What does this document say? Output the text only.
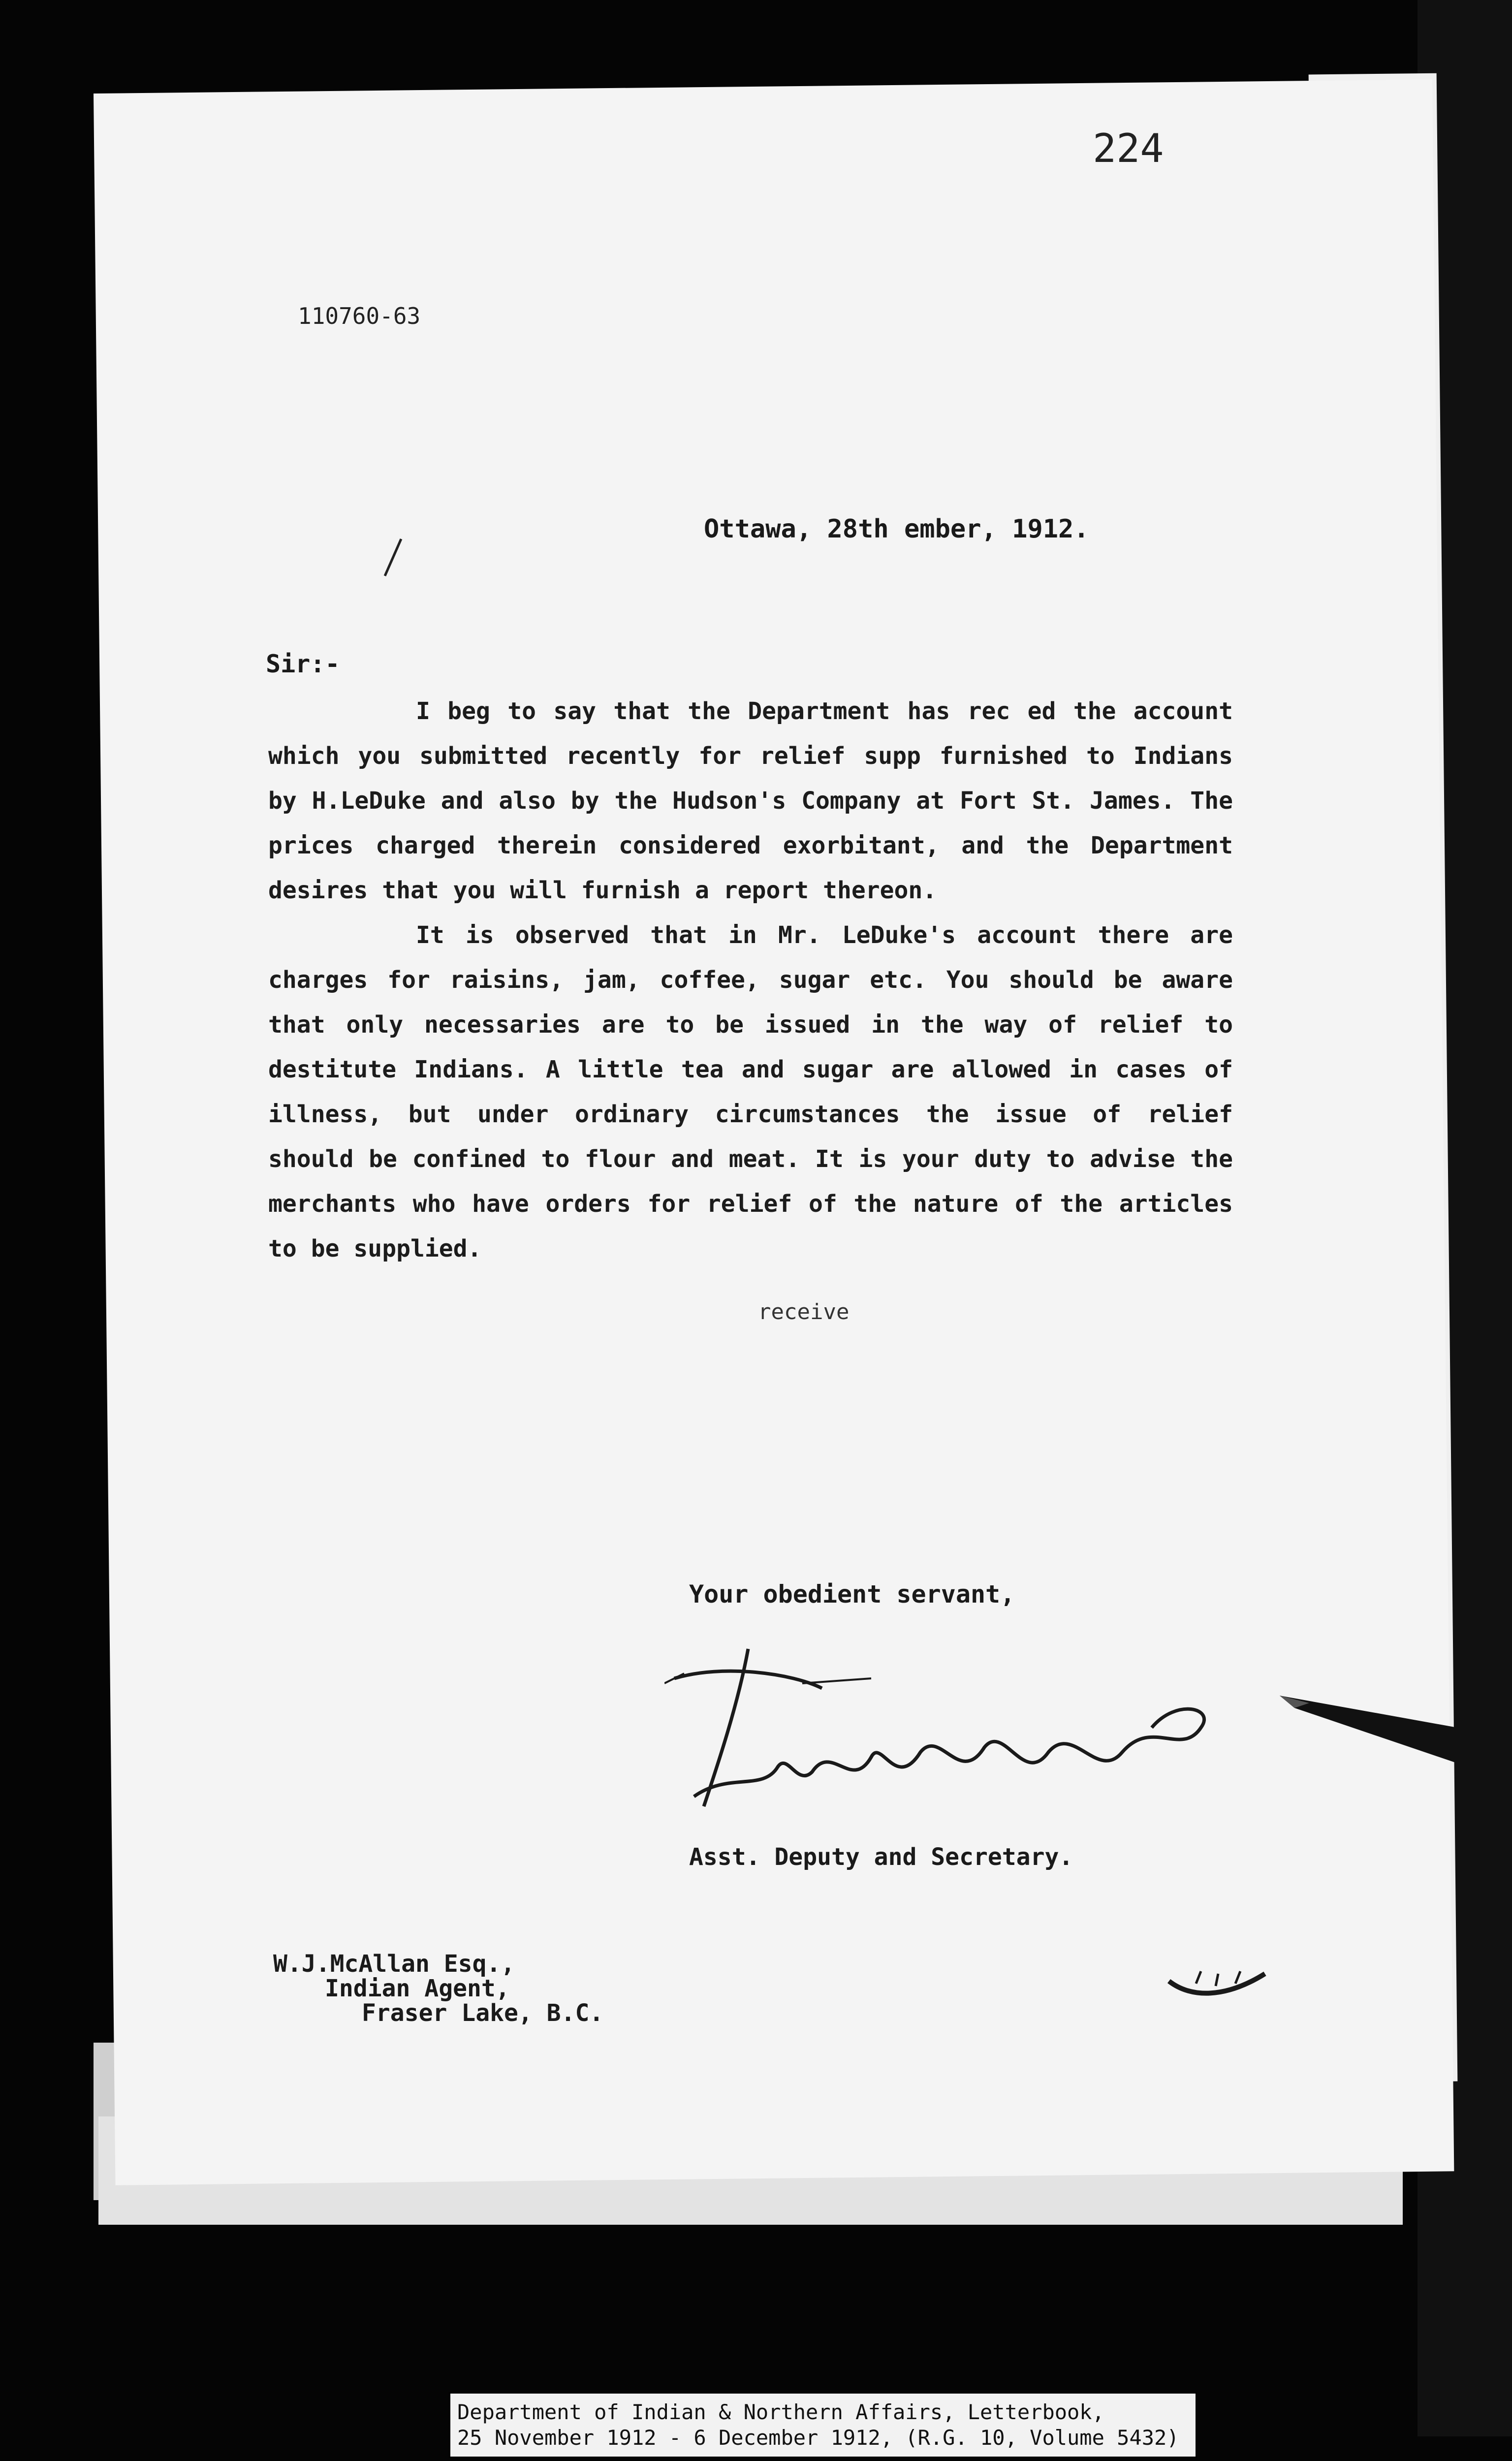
224
110760-63
Ottawa, 28th ember, 1912.
Sir:-

I beg to say that the Department has rec ed the account which you submitted recently for relief supp furnished to Indians by H.LeDuke and also by the Hudson's Company at Fort St. James. The prices charged therein considered exorbitant, and the Department desires that you will furnish a report thereon.

It is observed that in Mr. LeDuke's account there are charges for raisins, jam, coffee, sugar etc. You should be aware that only necessaries are to be issued in the way of relief to destitute Indians. A little tea and sugar are allowed in cases of illness, but under ordinary circumstances the issue of relief should be confined to flour and meat. It is your duty to advise the merchants who have orders for relief of the nature of the articles to be supplied.

receive
Your obedient servant,
Asst. Deputy and Secretary.
W.J.McAllan Esq.,
Indian Agent,
Fraser Lake, B.C.
Department of Indian & Northern Affairs, Letterbook,
25 November 1912 - 6 December 1912, (R.G. 10, Volume 5432)
